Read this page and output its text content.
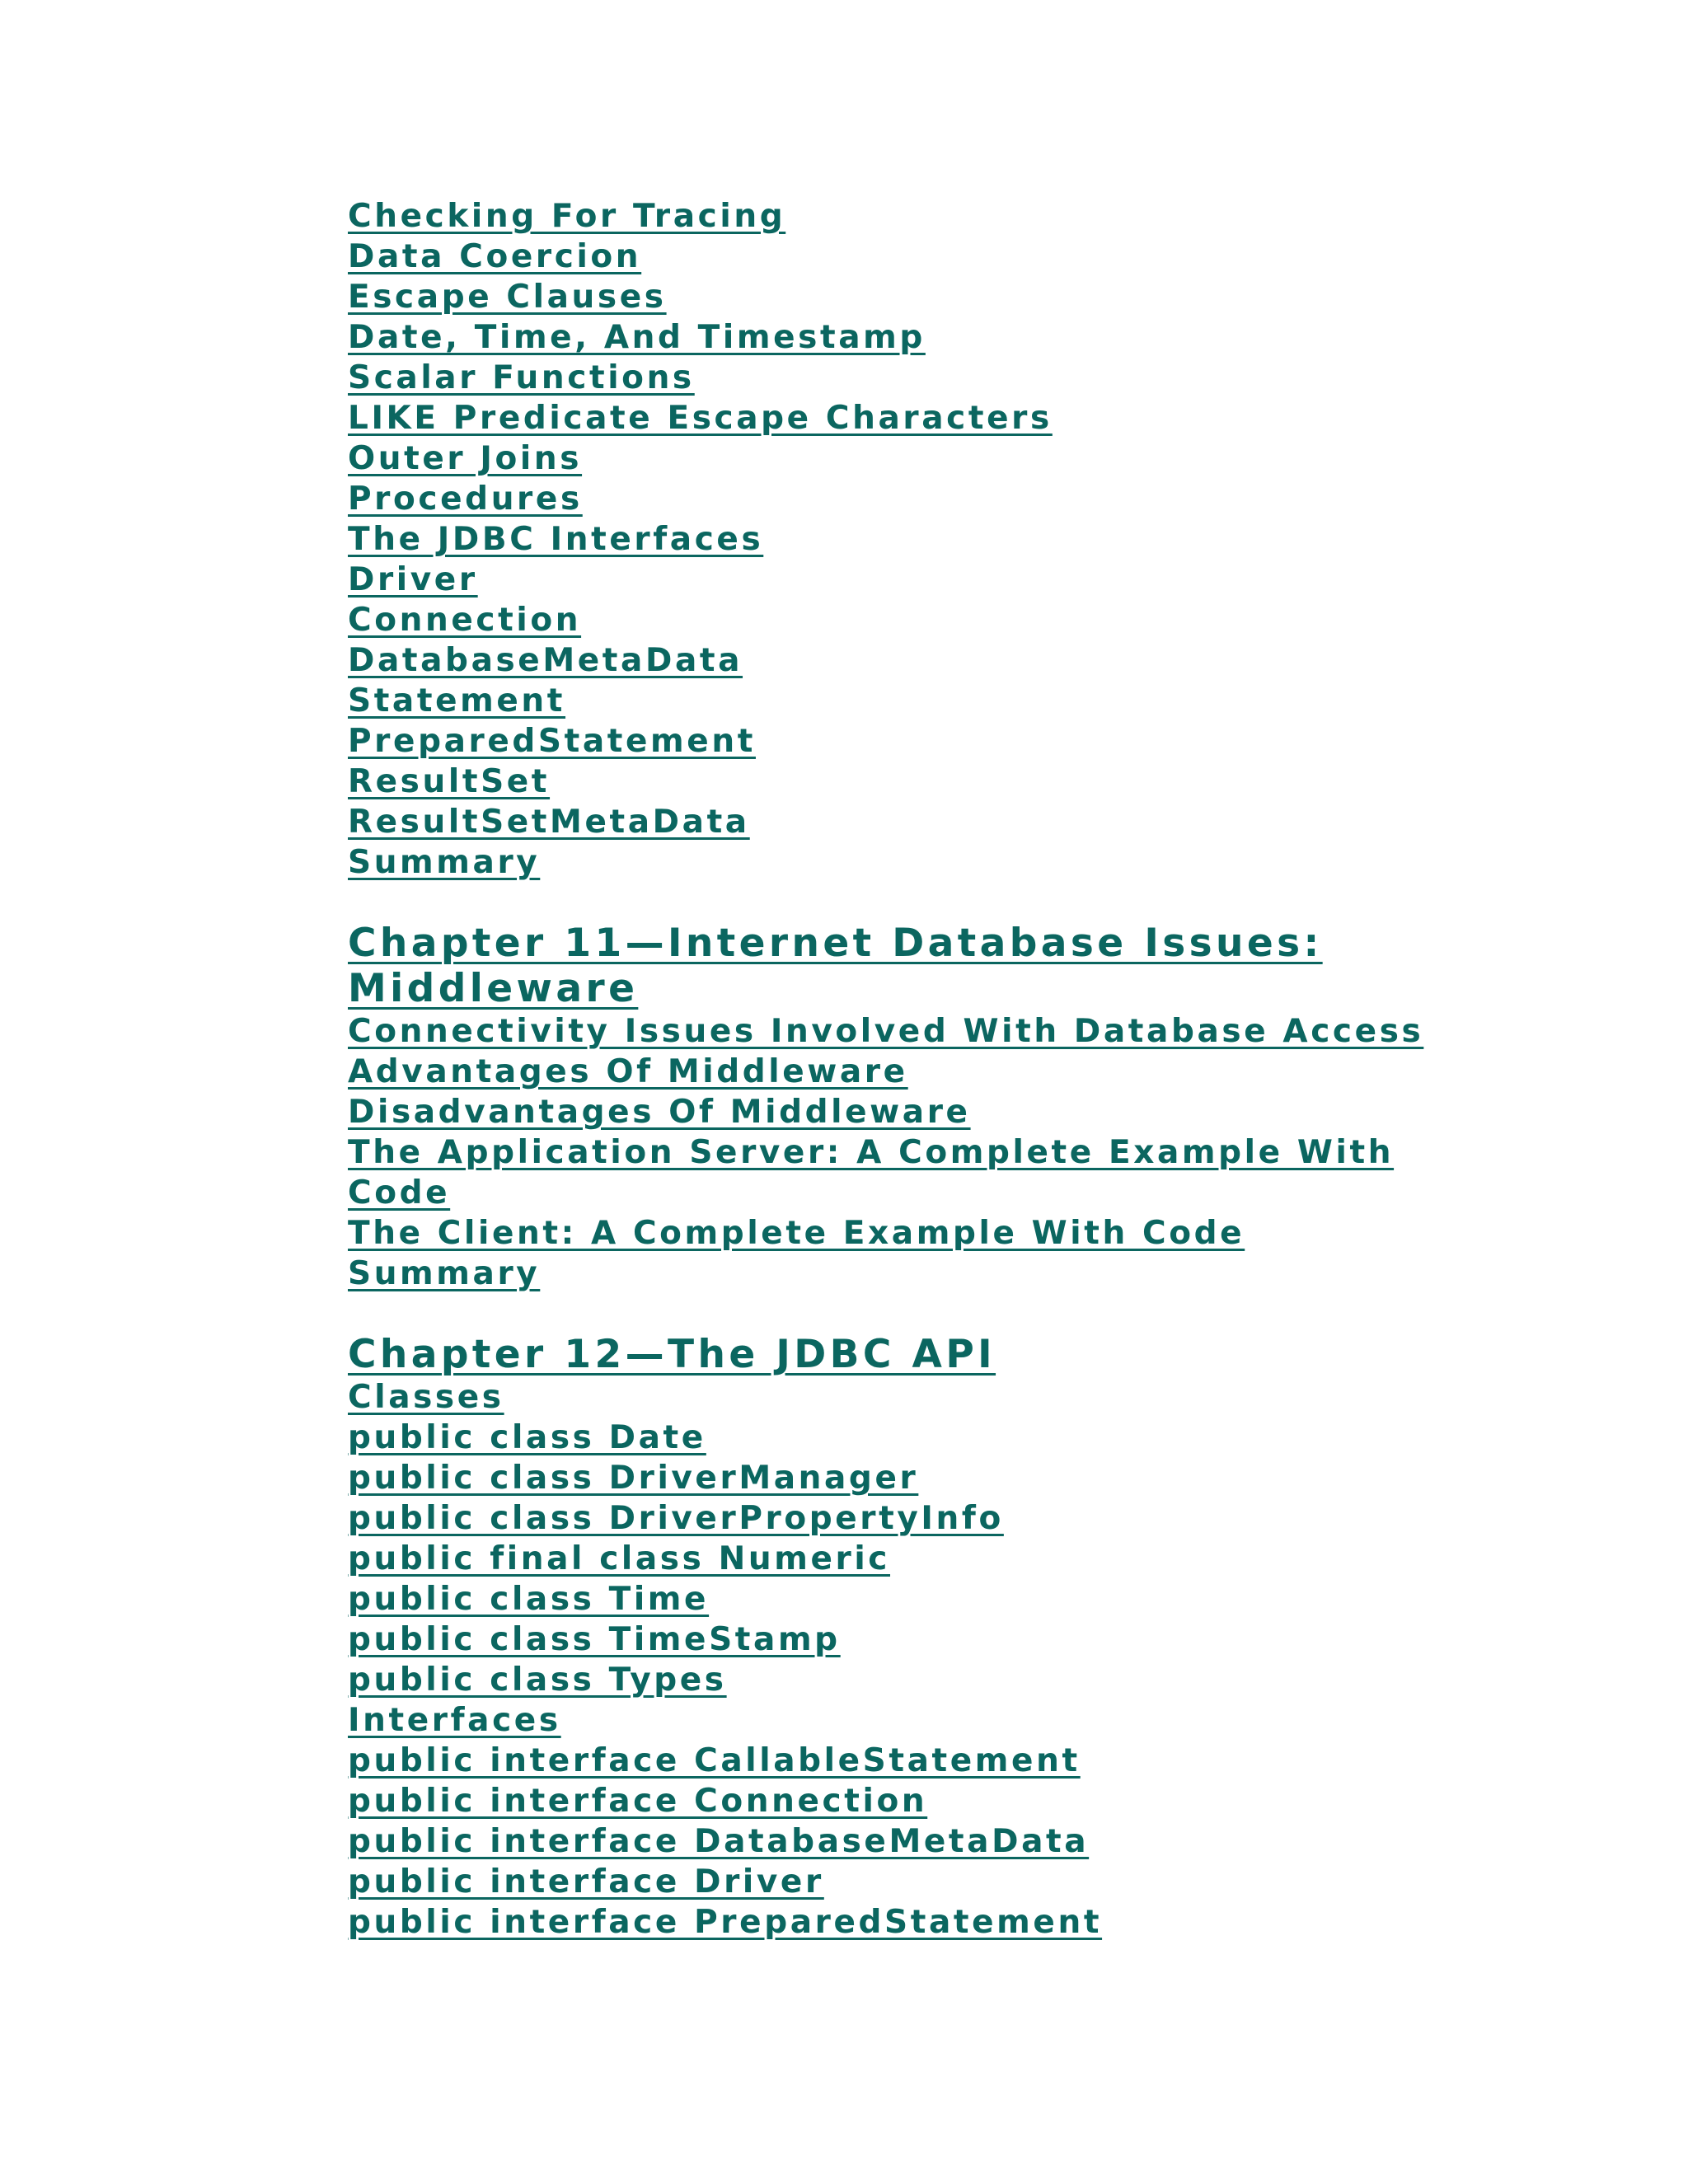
Checking For Tracing
Data Coercion
Escape Clauses
Date, Time, And Timestamp
Scalar Functions
LIKE Predicate Escape Characters
Outer Joins
Procedures
The JDBC Interfaces
Driver
Connection
DatabaseMetaData
Statement
PreparedStatement
ResultSet
ResultSetMetaData
Summary
Chapter 11—Internet Database Issues: Middleware
Connectivity Issues Involved With Database Access
Advantages Of Middleware
Disadvantages Of Middleware
The Application Server: A Complete Example With Code
The Client: A Complete Example With Code
Summary
Chapter 12—The JDBC API
Classes
public class Date
public class DriverManager
public class DriverPropertyInfo
public final class Numeric
public class Time
public class TimeStamp
public class Types
Interfaces
public interface CallableStatement
public interface Connection
public interface DatabaseMetaData
public interface Driver
public interface PreparedStatement
